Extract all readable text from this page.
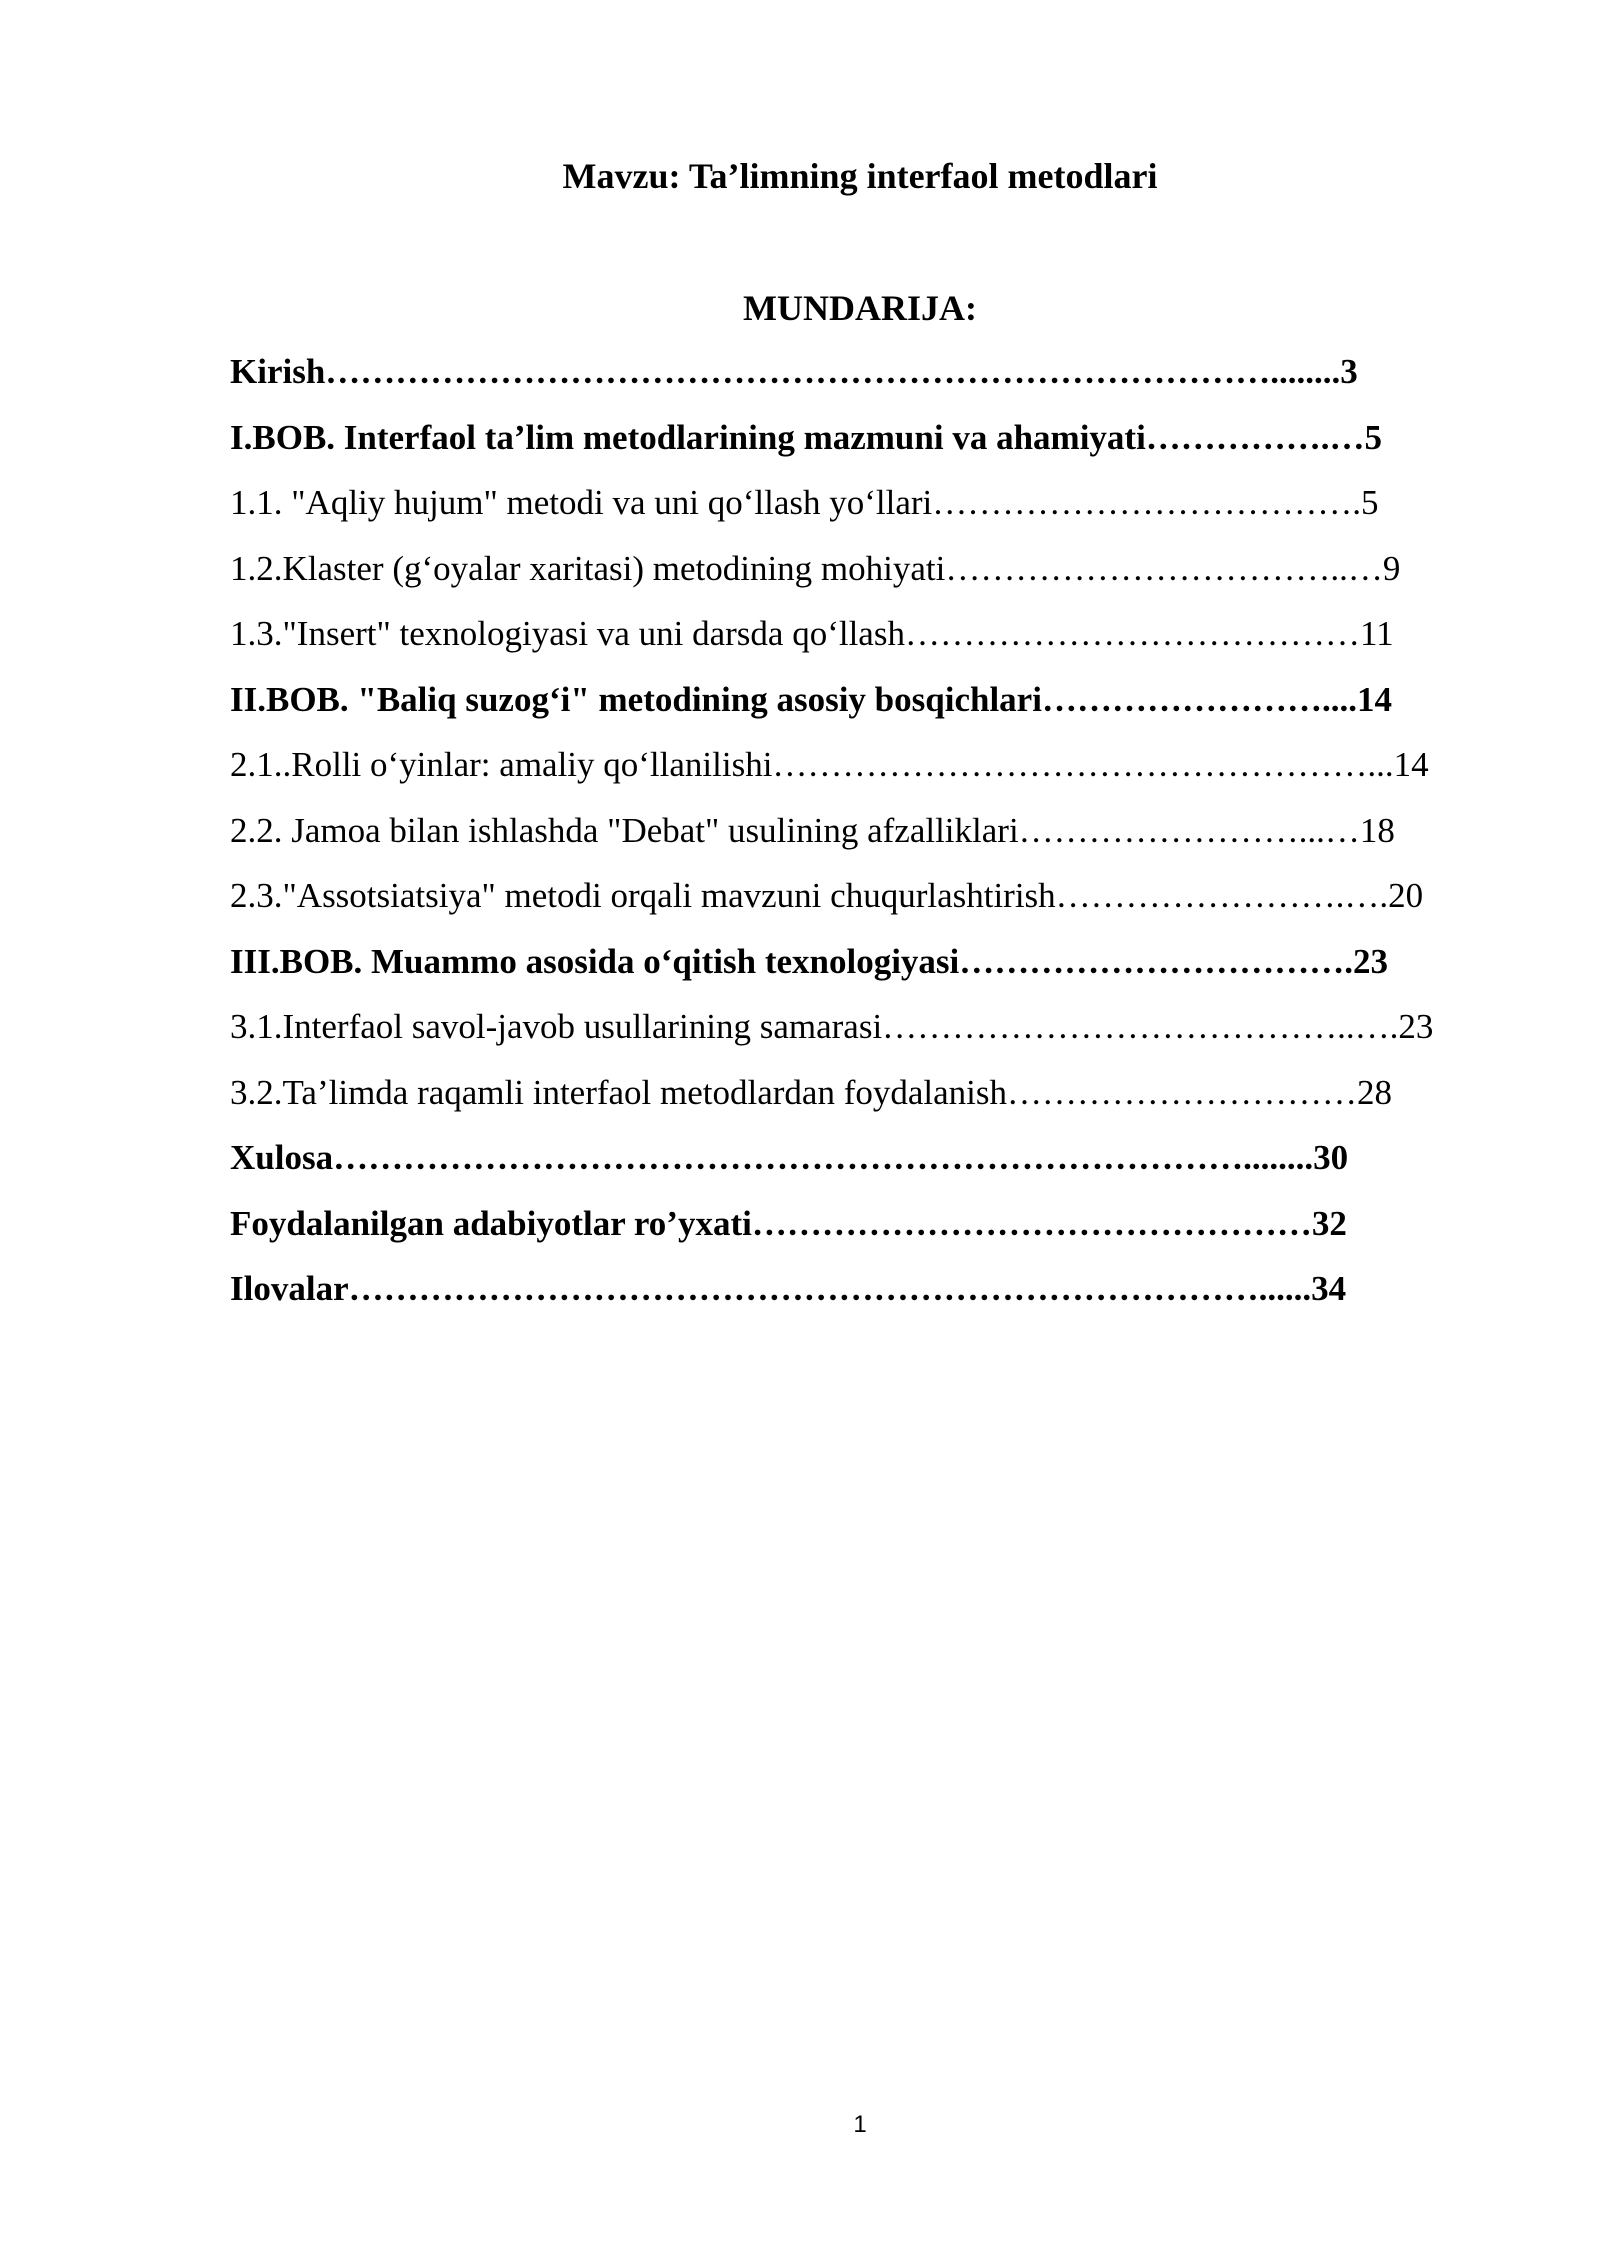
Mavzu: Ta’limning interfaol metodlari
MUNDARIJA:
Kirish………………………………………………………………………........3
I.BOB. Interfaol ta’lim metodlarining mazmuni va ahamiyati…………….…5
1.1. "Aqliy hujum" metodi va uni qo‘llash yo‘llari……………………………….5
1.2.Klaster (g‘oyalar xaritasi) metodining mohiyati……………………………..…9
1.3."Insert" texnologiyasi va uni darsda qo‘llash…………………………………11
II.BOB. "Baliq suzog‘i" metodining asosiy bosqichlari……………………....14
2.1..Rolli o‘yinlar: amaliy qo‘llanilishi……………………………………………...14
2.2. Jamoa bilan ishlashda "Debat" usulining afzalliklari……………………...…18
2.3."Assotsiatsiya" metodi orqali mavzuni chuqurlashtirish…………………….….20
III.BOB. Muammo asosida o‘qitish texnologiyasi…………………………….23
3.1.Interfaol savol-javob usullarining samarasi…………………………………..….23
3.2.Ta’limda raqamli interfaol metodlardan foydalanish…………………………28
Xulosa……………………………………………………………………........30
Foydalanilgan adabiyotlar ro’yxati…………………………………………32
Ilovalar……………………………………………………………………......34
1
